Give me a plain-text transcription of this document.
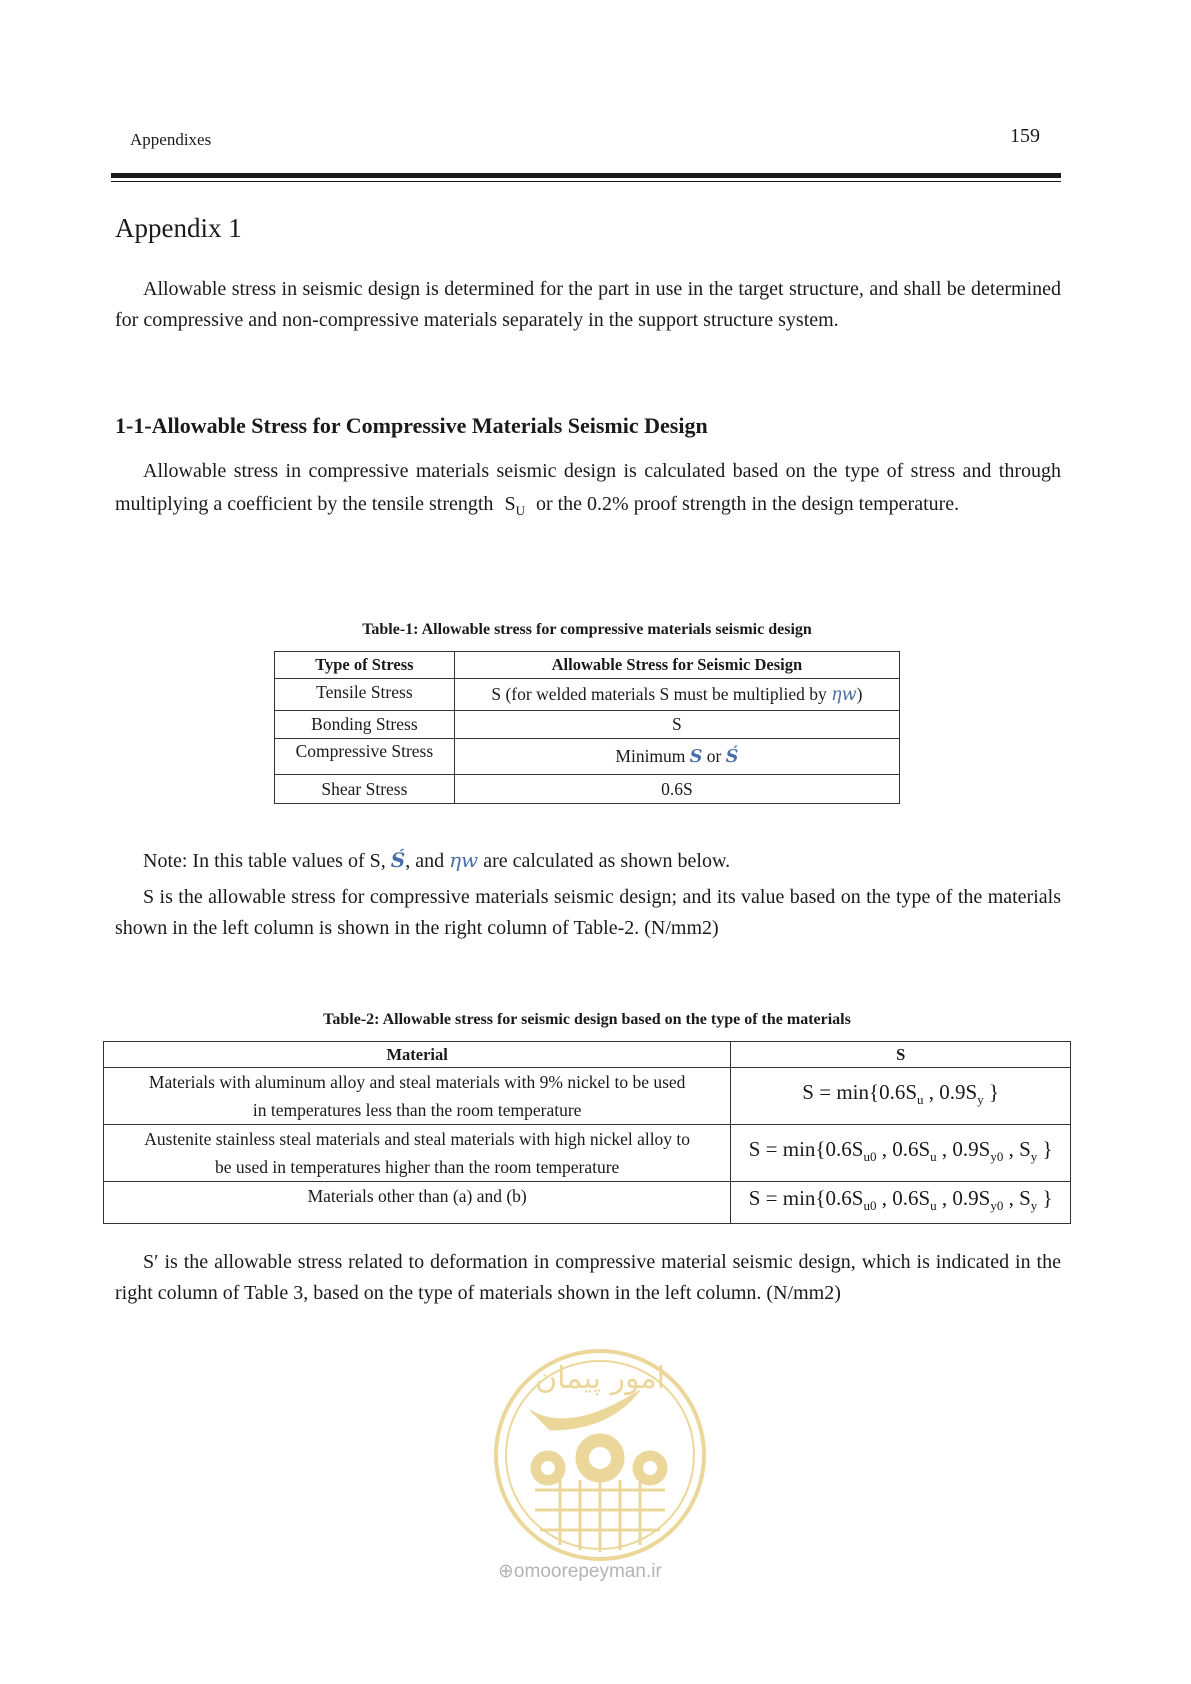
Appendixes	159
Appendix 1
Allowable stress in seismic design is determined for the part in use in the target structure, and shall be determined for compressive and non-compressive materials separately in the support structure system.
1-1-Allowable Stress for Compressive Materials Seismic Design
Allowable stress in compressive materials seismic design is calculated based on the type of stress and through multiplying a coefficient by the tensile strength $S_U$ or the 0.2% proof strength in the design temperature.
Table-1: Allowable stress for compressive materials seismic design
Type of Stress	Allowable Stress for Seismic Design
Tensile Stress	S (for welded materials S must be multiplied by ηw)
Bonding Stress	S
Compressive Stress	Minimum S or Ś
Shear Stress	0.6S
Note: In this table values of S, Ś, and ηw are calculated as shown below.
S is the allowable stress for compressive materials seismic design; and its value based on the type of the materials shown in the left column is shown in the right column of Table-2. (N/mm2)
Table-2: Allowable stress for seismic design based on the type of the materials
Material	S
Materials with aluminum alloy and steal materials with 9% nickel to be used in temperatures less than the room temperature	$S = \min\{0.6S_u$ , $0.9S_y$ }
Austenite stainless steal materials and steal materials with high nickel alloy to be used in temperatures higher than the room temperature	$S = \min\{0.6S_{u0}$ , $0.6S_u$ , $0.9S_{y0}$ , $S_y$ }
Materials other than (a) and (b)	$S = \min\{0.6S_{u0}$ , $0.6S_u$ , $0.9S_{y0}$ , $S_y$ }
S′ is the allowable stress related to deformation in compressive material seismic design, which is indicated in the right column of Table 3, based on the type of materials shown in the left column. (N/mm2)
امور پیمان
⊕omoorepeyman.ir
